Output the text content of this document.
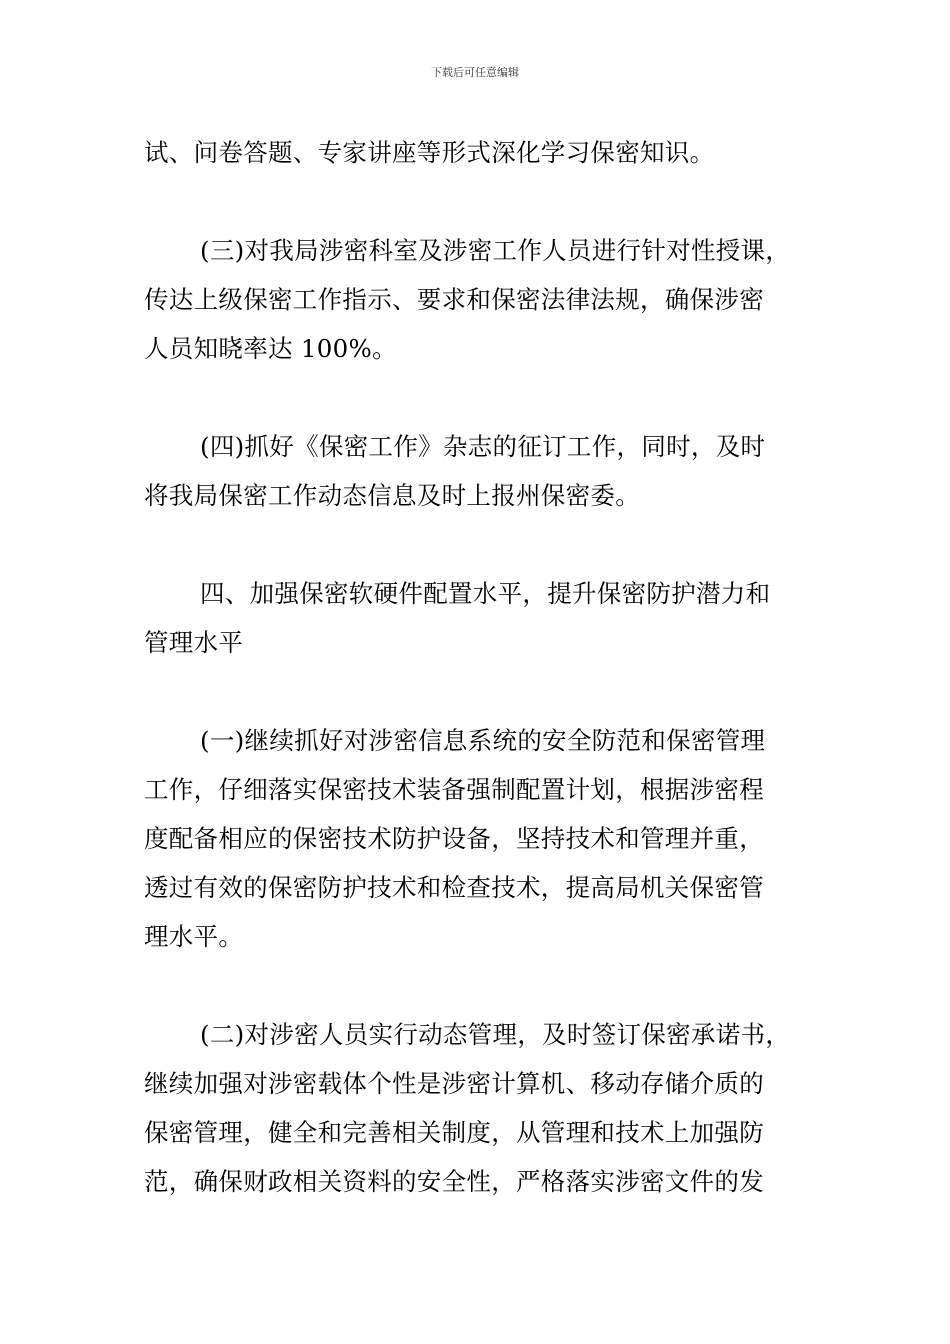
下载后可任意编辑

试、问卷答题、专家讲座等形式深化学习保密知识。

(三)对我局涉密科室及涉密工作人员进行针对性授课，
传达上级保密工作指示、要求和保密法律法规，确保涉密
人员知晓率达 100%。

(四)抓好《保密工作》杂志的征订工作，同时，及时
将我局保密工作动态信息及时上报州保密委。

四、加强保密软硬件配置水平，提升保密防护潜力和
管理水平

(一)继续抓好对涉密信息系统的安全防范和保密管理
工作，仔细落实保密技术装备强制配置计划，根据涉密程
度配备相应的保密技术防护设备，坚持技术和管理并重，
透过有效的保密防护技术和检查技术，提高局机关保密管
理水平。

(二)对涉密人员实行动态管理，及时签订保密承诺书，
继续加强对涉密载体个性是涉密计算机、移动存储介质的
保密管理，健全和完善相关制度，从管理和技术上加强防
范，确保财政相关资料的安全性，严格落实涉密文件的发
